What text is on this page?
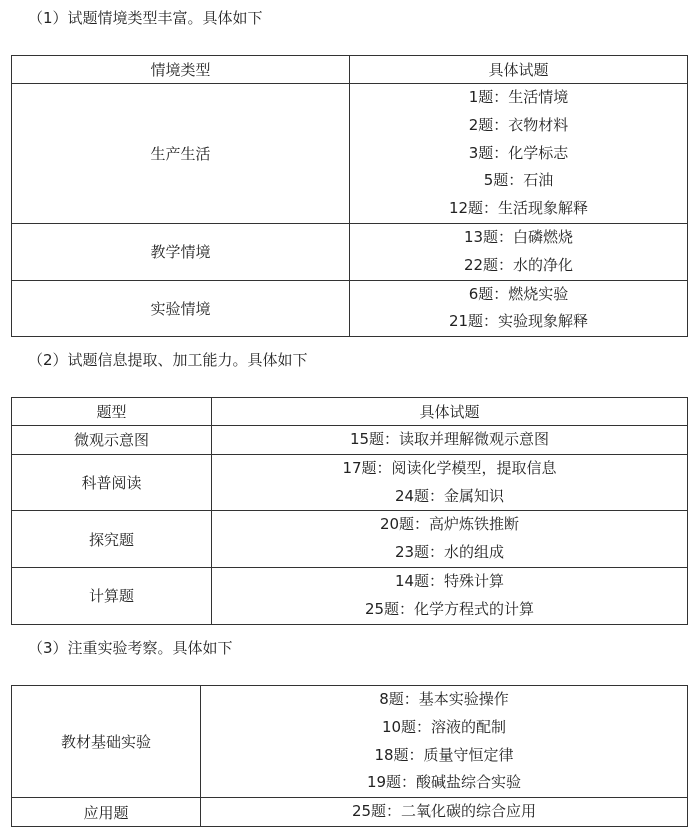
（1）试题情境类型丰富。具体如下
情境类型	具体试题
生产生活	1题：生活情境
2题：衣物材料
3题：化学标志
5题：石油
12题：生活现象解释

教学情境	13题：白磷燃烧
22题：水的净化

实验情境	6题：燃烧实验
21题：实验现象解释
（2）试题信息提取、加工能力。具体如下
题型	具体试题
微观示意图	15题：读取并理解微观示意图

科普阅读	17题：阅读化学模型，提取信息
24题：金属知识

探究题	20题：高炉炼铁推断
23题：水的组成

计算题	14题：特殊计算
25题：化学方程式的计算
（3）注重实验考察。具体如下
教材基础实验	8题：基本实验操作
10题：溶液的配制
18题：质量守恒定律
19题：酸碱盐综合实验

应用题	25题：二氧化碳的综合应用
